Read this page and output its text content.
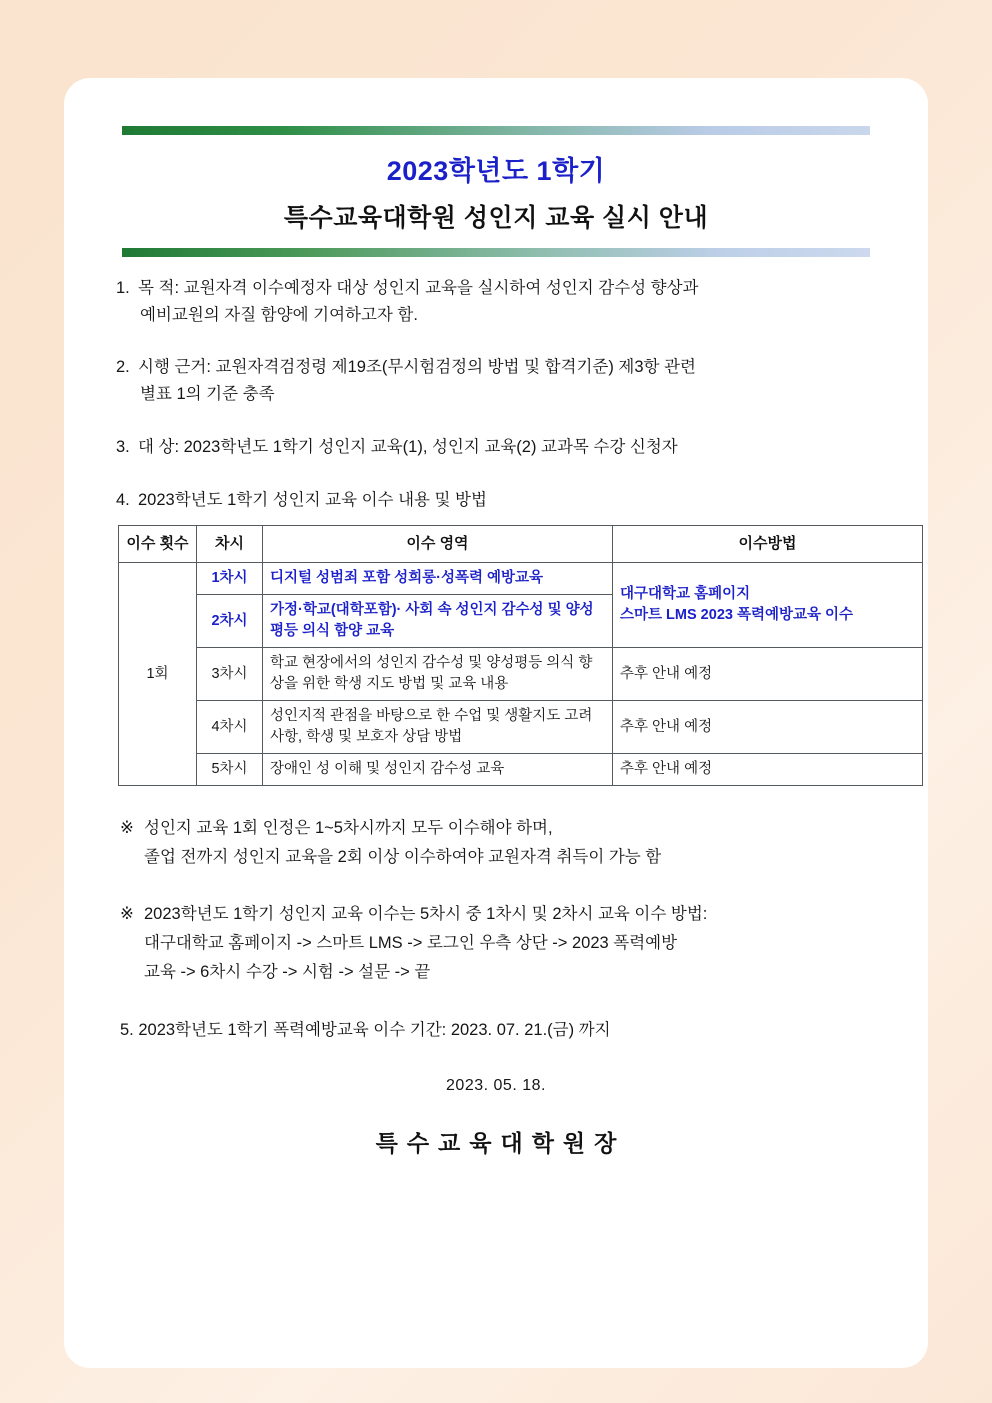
2023학년도 1학기
특수교육대학원 성인지 교육 실시 안내
1. 목 적: 교원자격 이수예정자 대상 성인지 교육을 실시하여 성인지 감수성 향상과
예비교원의 자질 함양에 기여하고자 함.
2. 시행 근거: 교원자격검정령 제19조(무시험검정의 방법 및 합격기준) 제3항 관련
별표 1의 기준 충족
3. 대 상: 2023학년도 1학기 성인지 교육(1), 성인지 교육(2) 교과목 수강 신청자
4. 2023학년도 1학기 성인지 교육 이수 내용 및 방법
이수 횟수	차시	이수 영역	이수방법
1회	1차시	디지털 성범죄 포함 성희롱·성폭력 예방교육	대구대학교 홈페이지
스마트 LMS 2023 폭력예방교육 이수

	2차시	가정·학교(대학포함)· 사회 속 성인지 감수성 및 양성평등 의식 함양 교육	
	3차시	학교 현장에서의 성인지 감수성 및 양성평등 의식 향상을 위한 학생 지도 방법 및 교육 내용	추후 안내 예정
	4차시	성인지적 관점을 바탕으로 한 수업 및 생활지도 고려사항, 학생 및 보호자 상담 방법	추후 안내 예정
	5차시	장애인 성 이해 및 성인지 감수성 교육	추후 안내 예정
※ 성인지 교육 1회 인정은 1~5차시까지 모두 이수해야 하며,
졸업 전까지 성인지 교육을 2회 이상 이수하여야 교원자격 취득이 가능 함
※ 2023학년도 1학기 성인지 교육 이수는 5차시 중 1차시 및 2차시 교육 이수 방법:
대구대학교 홈페이지 -> 스마트 LMS -> 로그인 우측 상단 -> 2023 폭력예방
교육 -> 6차시 수강 -> 시험 -> 설문 -> 끝
5. 2023학년도 1학기 폭력예방교육 이수 기간: 2023. 07. 21.(금) 까지
2023. 05. 18.
특수교육대학원장
